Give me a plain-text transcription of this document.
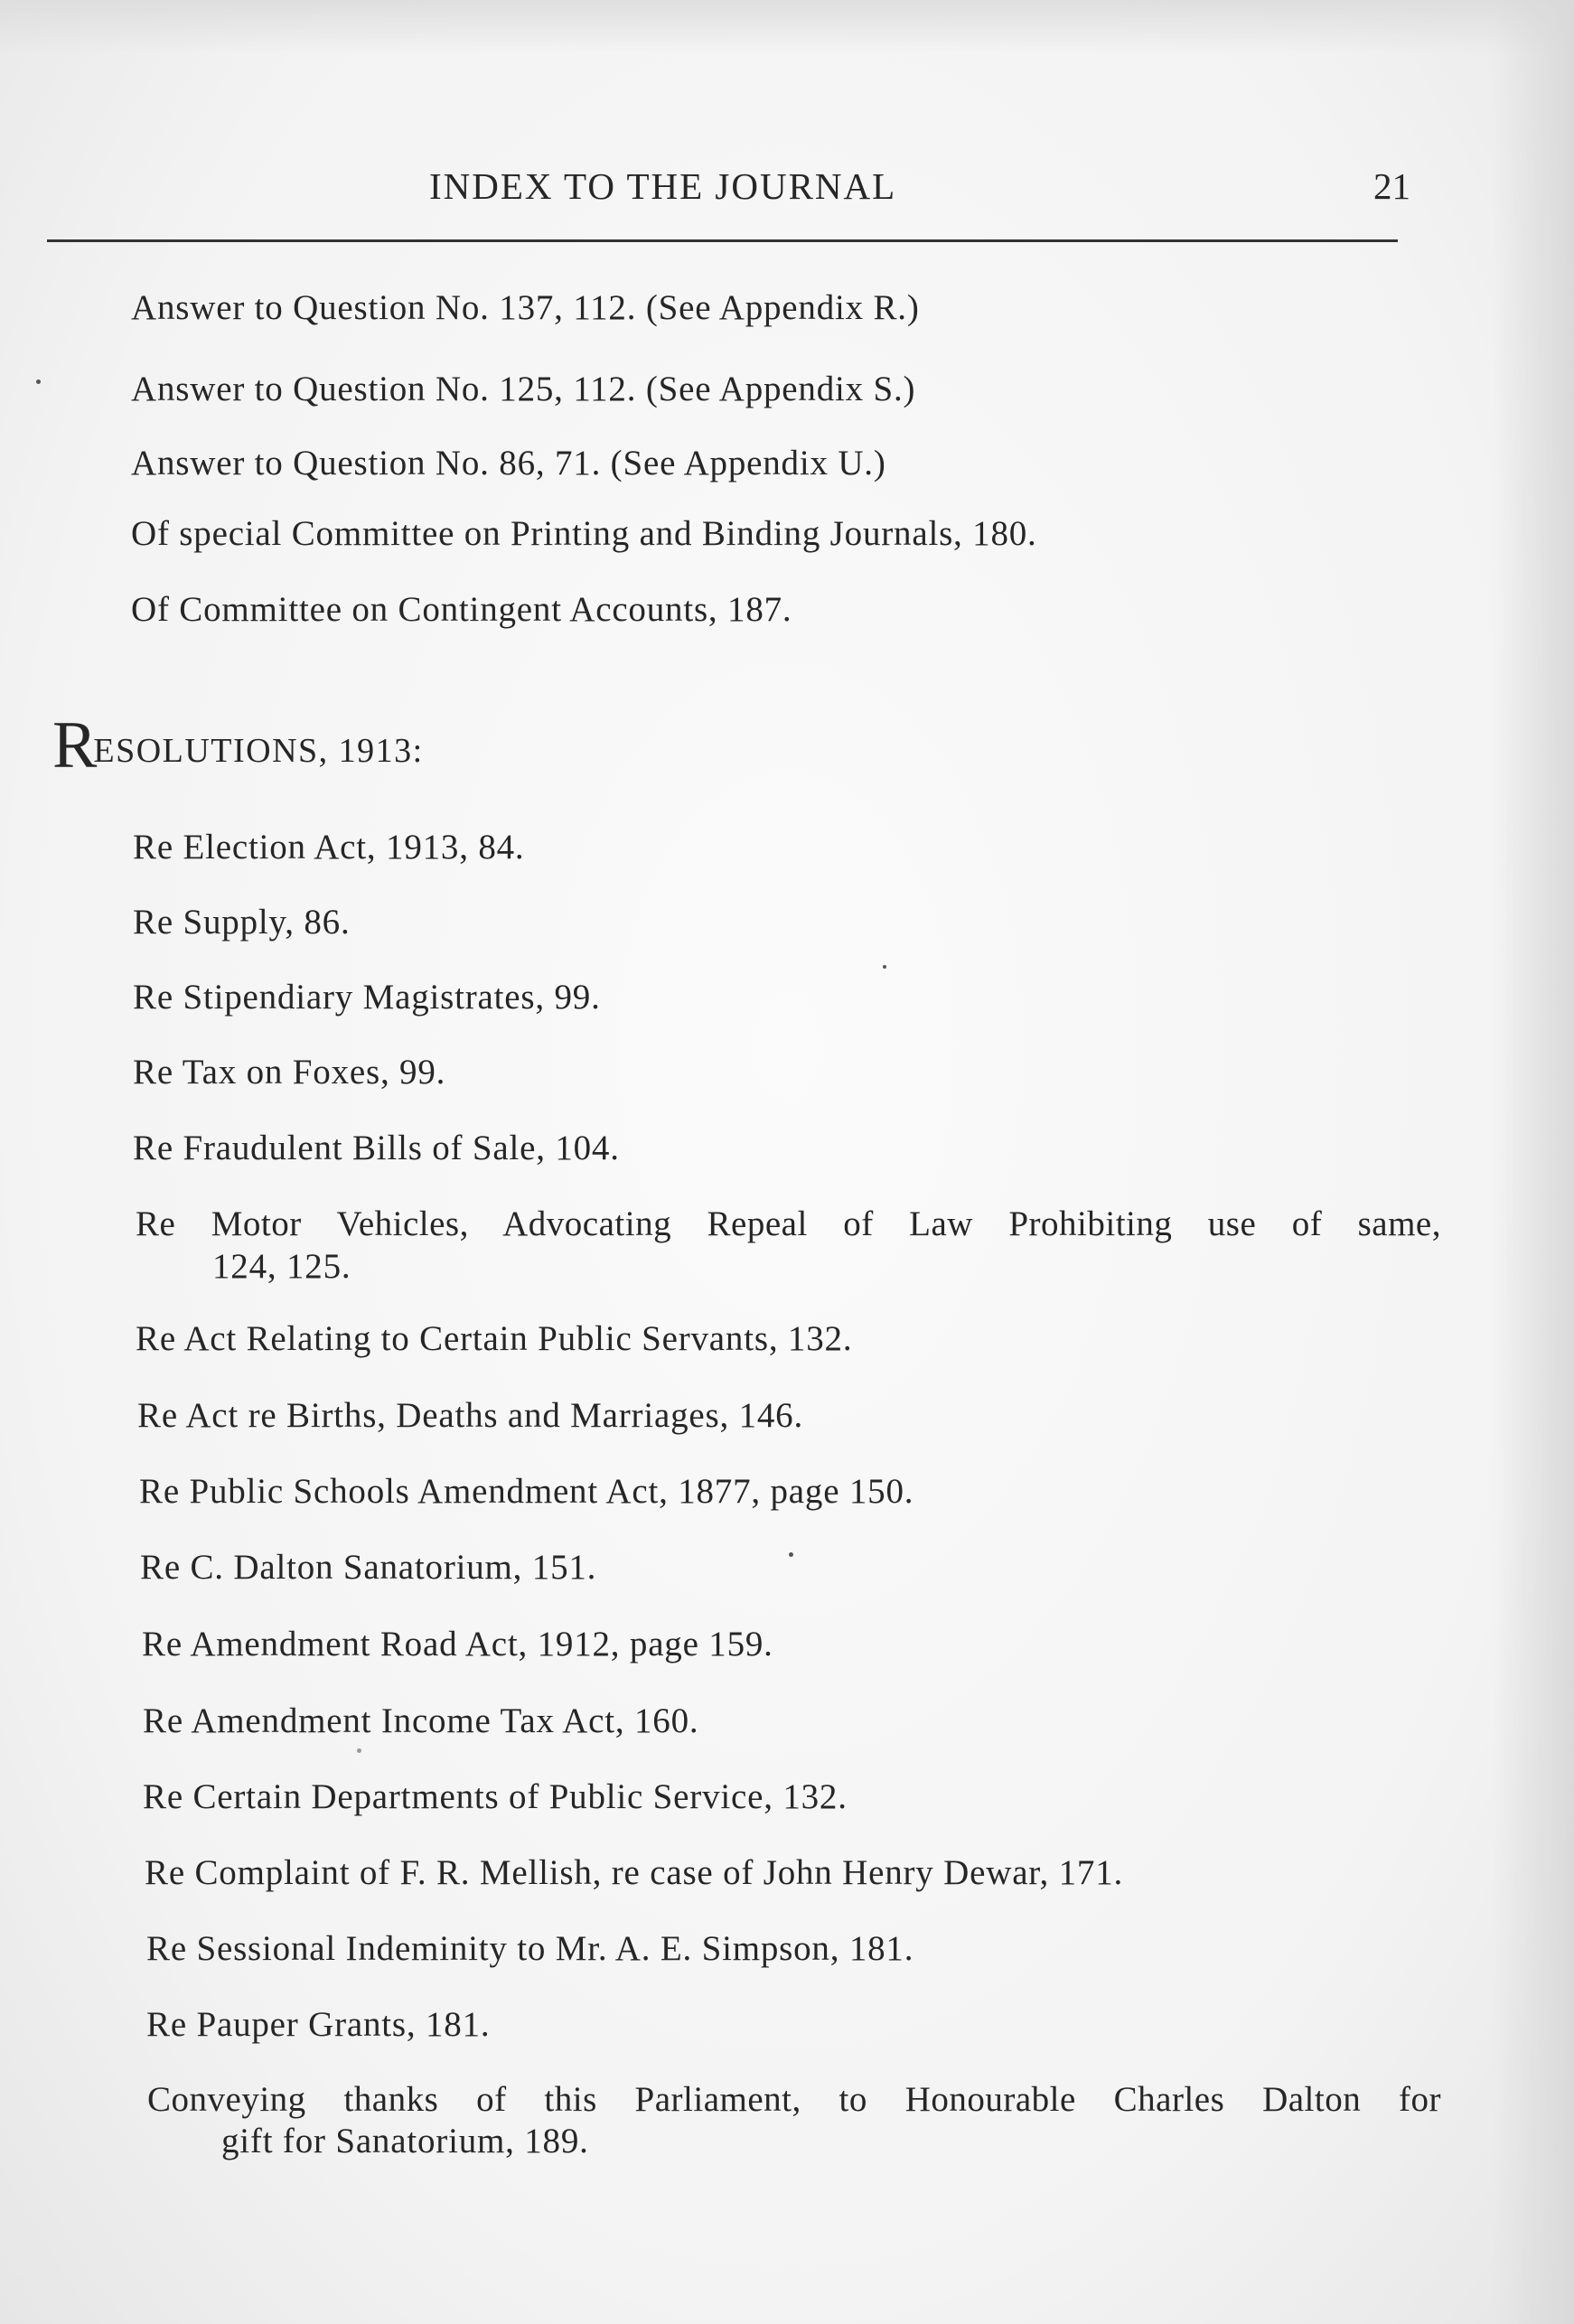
INDEX TO THE JOURNAL	21
Answer to Question No. 137, 112. (See Appendix R.)
Answer to Question No. 125, 112. (See Appendix S.)
Answer to Question No. 86, 71. (See Appendix U.)
Of special Committee on Printing and Binding Journals, 180.
Of Committee on Contingent Accounts, 187.
RESOLUTIONS, 1913:
Re Election Act, 1913, 84.
Re Supply, 86.
Re Stipendiary Magistrates, 99.
Re Tax on Foxes, 99.
Re Fraudulent Bills of Sale, 104.
Re Motor Vehicles, Advocating Repeal of Law Prohibiting use of same,
124, 125.
Re Act Relating to Certain Public Servants, 132.
Re Act re Births, Deaths and Marriages, 146.
Re Public Schools Amendment Act, 1877, page 150.
Re C. Dalton Sanatorium, 151.
Re Amendment Road Act, 1912, page 159.
Re Amendment Income Tax Act, 160.
Re Certain Departments of Public Service, 132.
Re Complaint of F. R. Mellish, re case of John Henry Dewar, 171.
Re Sessional Indeminity to Mr. A. E. Simpson, 181.
Re Pauper Grants, 181.
Conveying thanks of this Parliament, to Honourable Charles Dalton for
gift for Sanatorium, 189.
